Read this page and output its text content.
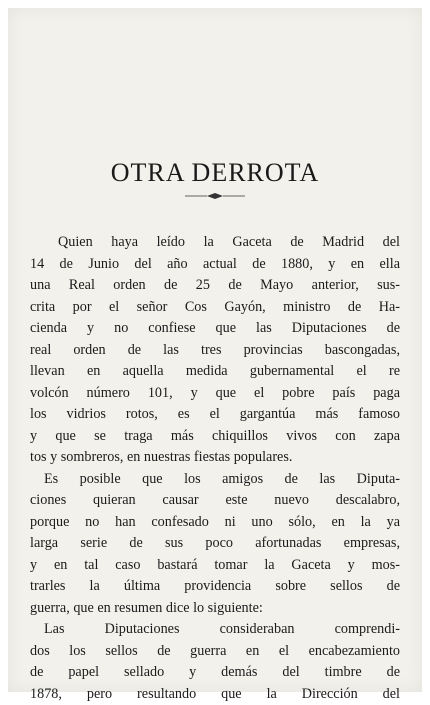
OTRA DERROTA
Quien haya leído la Gaceta de Madrid del
14 de Junio del año actual de 1880, y en ella
una Real orden de 25 de Mayo anterior, sus-
crita por el señor Cos Gayón, ministro de Ha-
cienda y no confiese que las Diputaciones de
real orden de las tres provincias bascongadas,
llevan en aquella medida gubernamental el re
volcón número 101, y que el pobre país paga
los vidrios rotos, es el gargantúa más famoso
y que se traga más chiquillos vivos con zapa
tos y sombreros, en nuestras fiestas populares.
Es posible que los amigos de las Diputa-
ciones quieran causar este nuevo descalabro,
porque no han confesado ni uno sólo, en la ya
larga serie de sus poco afortunadas empresas,
y en tal caso bastará tomar la Gaceta y mos-
trarles la última providencia sobre sellos de
guerra, que en resumen dice lo siguiente:
Las Diputaciones consideraban comprendi-
dos los sellos de guerra en el encabezamiento
de papel sellado y demás del timbre de
1878, pero resultando que la Dirección del
